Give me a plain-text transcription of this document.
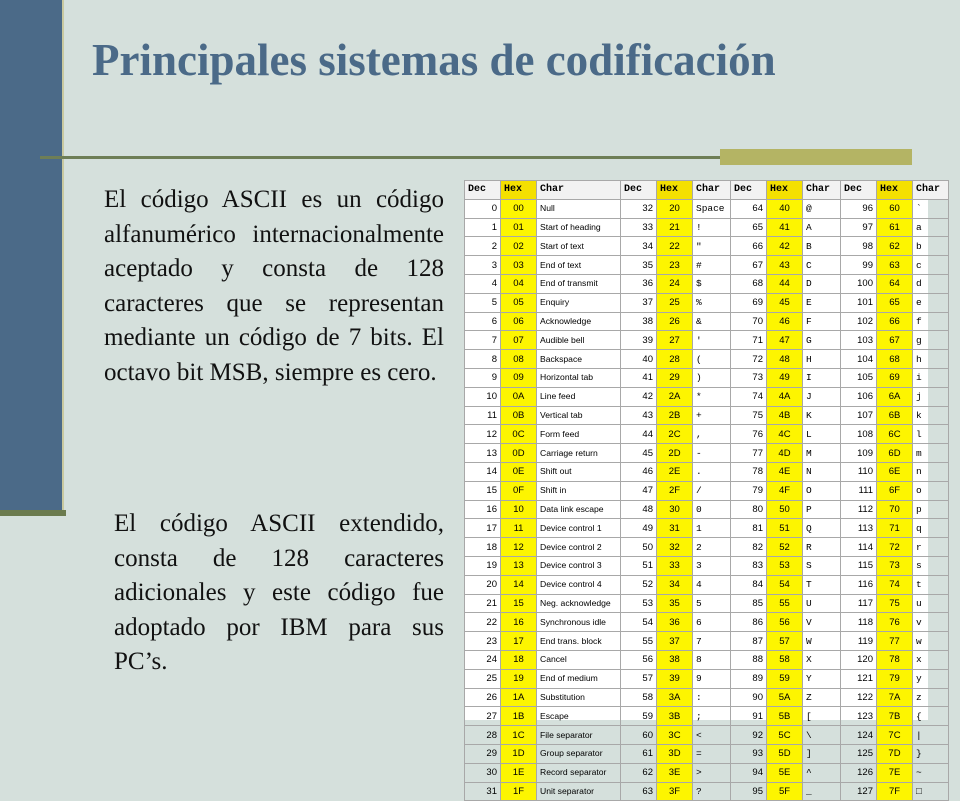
Principales sistemas de codificación

El código ASCII es un código alfanumérico internacionalmente aceptado y consta de 128 caracteres que se representan mediante un código de 7 bits. El octavo bit MSB, siempre es cero.

El código ASCII extendido, consta de 128 caracteres adicionales y este código fue adoptado por IBM para sus PC’s.

Dec	Hex	Char	Dec	Hex	Char	Dec	Hex	Char	Dec	Hex	Char
0	00	Null	32	20	Space	64	40	@	96	60	`
1	01	Start of heading	33	21	!	65	41	A	97	61	a
2	02	Start of text	34	22	"	66	42	B	98	62	b
3	03	End of text	35	23	#	67	43	C	99	63	c
4	04	End of transmit	36	24	$	68	44	D	100	64	d
5	05	Enquiry	37	25	%	69	45	E	101	65	e
6	06	Acknowledge	38	26	&	70	46	F	102	66	f
7	07	Audible bell	39	27	'	71	47	G	103	67	g
8	08	Backspace	40	28	(	72	48	H	104	68	h
9	09	Horizontal tab	41	29	)	73	49	I	105	69	i
10	0A	Line feed	42	2A	*	74	4A	J	106	6A	j
11	0B	Vertical tab	43	2B	+	75	4B	K	107	6B	k
12	0C	Form feed	44	2C	,	76	4C	L	108	6C	l
13	0D	Carriage return	45	2D	-	77	4D	M	109	6D	m
14	0E	Shift out	46	2E	.	78	4E	N	110	6E	n
15	0F	Shift in	47	2F	/	79	4F	O	111	6F	o
16	10	Data link escape	48	30	0	80	50	P	112	70	p
17	11	Device control 1	49	31	1	81	51	Q	113	71	q
18	12	Device control 2	50	32	2	82	52	R	114	72	r
19	13	Device control 3	51	33	3	83	53	S	115	73	s
20	14	Device control 4	52	34	4	84	54	T	116	74	t
21	15	Neg. acknowledge	53	35	5	85	55	U	117	75	u
22	16	Synchronous idle	54	36	6	86	56	V	118	76	v
23	17	End trans. block	55	37	7	87	57	W	119	77	w
24	18	Cancel	56	38	8	88	58	X	120	78	x
25	19	End of medium	57	39	9	89	59	Y	121	79	y
26	1A	Substitution	58	3A	:	90	5A	Z	122	7A	z
27	1B	Escape	59	3B	;	91	5B	[	123	7B	{
28	1C	File separator	60	3C	<	92	5C	\	124	7C	|
29	1D	Group separator	61	3D	=	93	5D	]	125	7D	}
30	1E	Record separator	62	3E	>	94	5E	^	126	7E	~
31	1F	Unit separator	63	3F	?	95	5F	_	127	7F	□
